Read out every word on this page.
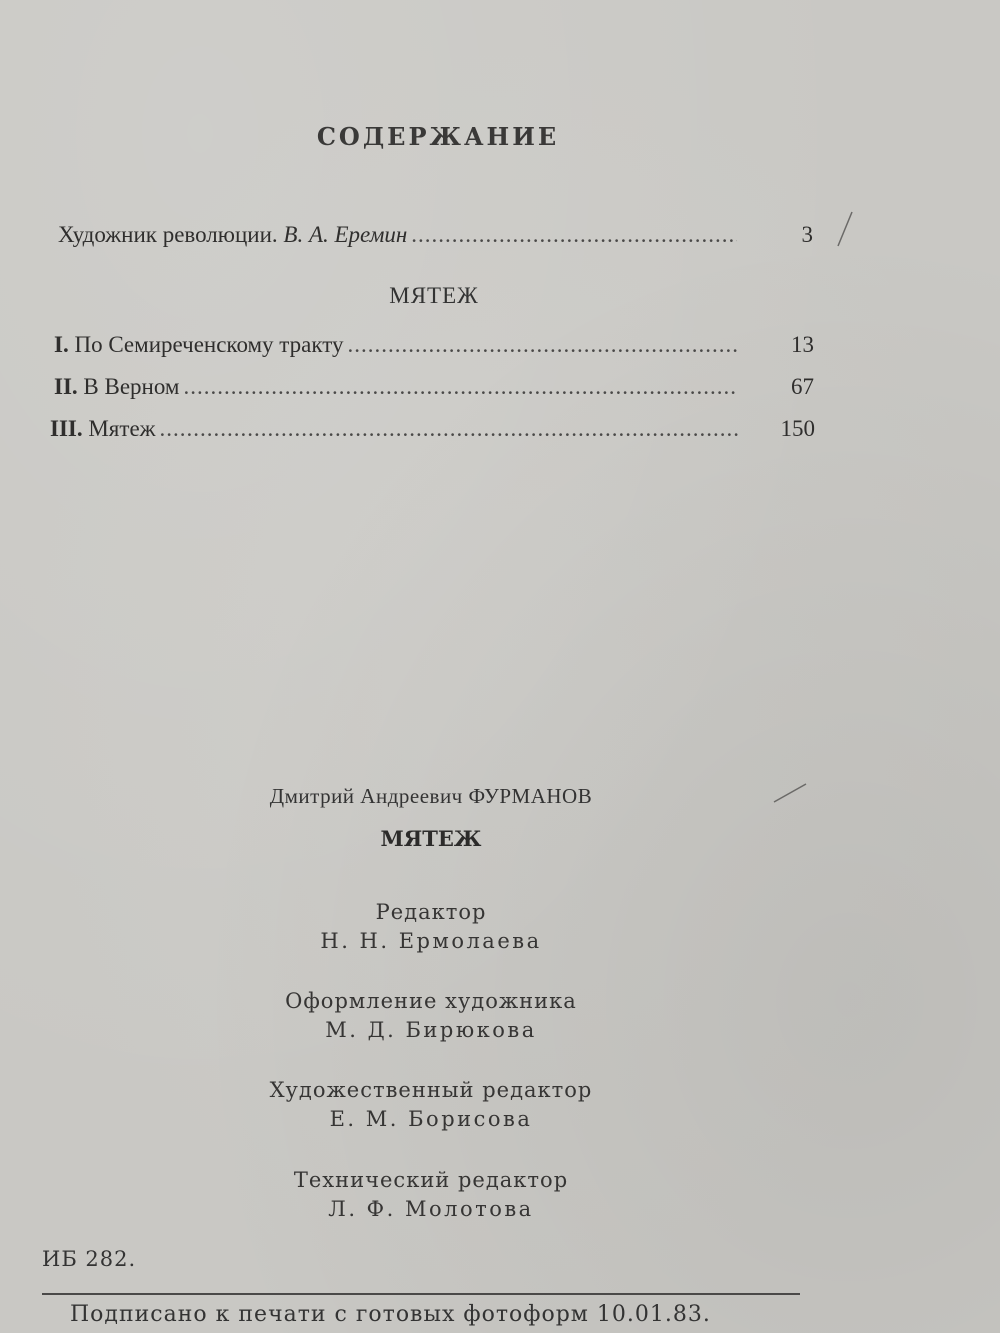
СОДЕРЖАНИЕ
Художник революции. В. А. Еремин .....	3
МЯТЕЖ
I. По Семиреченскому тракту .....	13
II. В Верном .....	67
III. Мятеж .....	150
Дмитрий Андреевич ФУРМАНОВ
МЯТЕЖ
Редактор
Н. Н. Ермолаева
Оформление художника
М. Д. Бирюкова
Художественный редактор
Е. М. Борисова
Технический редактор
Л. Ф. Молотова
ИБ 282.
Подписано к печати с готовых фотоформ 10.01.83.
